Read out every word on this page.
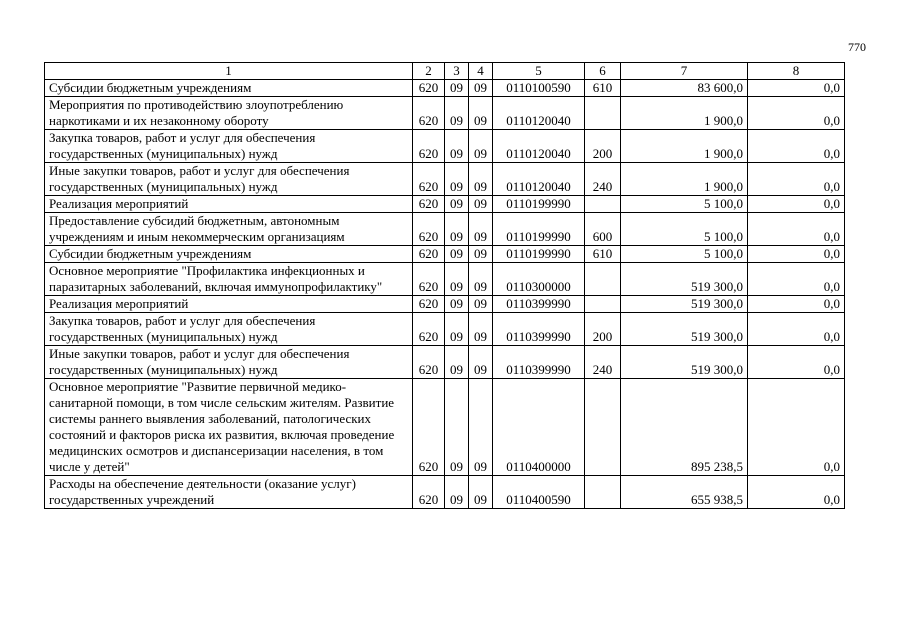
770
1	2	3	4	5	6	7	8
Субсидии бюджетным учреждениям	620	09	09	0110100590	610	83 600,0	0,0
Мероприятия по противодействию злоупотреблению наркотиками и их незаконному обороту	620	09	09	0110120040		1 900,0	0,0
Закупка товаров, работ и услуг для обеспечения государственных (муниципальных) нужд	620	09	09	0110120040	200	1 900,0	0,0
Иные закупки товаров, работ и услуг для обеспечения государственных (муниципальных) нужд	620	09	09	0110120040	240	1 900,0	0,0
Реализация мероприятий	620	09	09	0110199990		5 100,0	0,0
Предоставление субсидий бюджетным, автономным учреждениям и иным некоммерческим организациям	620	09	09	0110199990	600	5 100,0	0,0
Субсидии бюджетным учреждениям	620	09	09	0110199990	610	5 100,0	0,0
Основное мероприятие "Профилактика инфекционных и паразитарных заболеваний, включая иммунопрофилактику"	620	09	09	0110300000		519 300,0	0,0
Реализация мероприятий	620	09	09	0110399990		519 300,0	0,0
Закупка товаров, работ и услуг для обеспечения государственных (муниципальных) нужд	620	09	09	0110399990	200	519 300,0	0,0
Иные закупки товаров, работ и услуг для обеспечения государственных (муниципальных) нужд	620	09	09	0110399990	240	519 300,0	0,0
Основное мероприятие "Развитие первичной медико-санитарной помощи, в том числе сельским жителям. Развитие системы раннего выявления заболеваний, патологических состояний и факторов риска их развития, включая проведение медицинских осмотров и диспансеризации населения, в том числе у детей"	620	09	09	0110400000		895 238,5	0,0
Расходы на обеспечение деятельности (оказание услуг) государственных учреждений	620	09	09	0110400590		655 938,5	0,0
